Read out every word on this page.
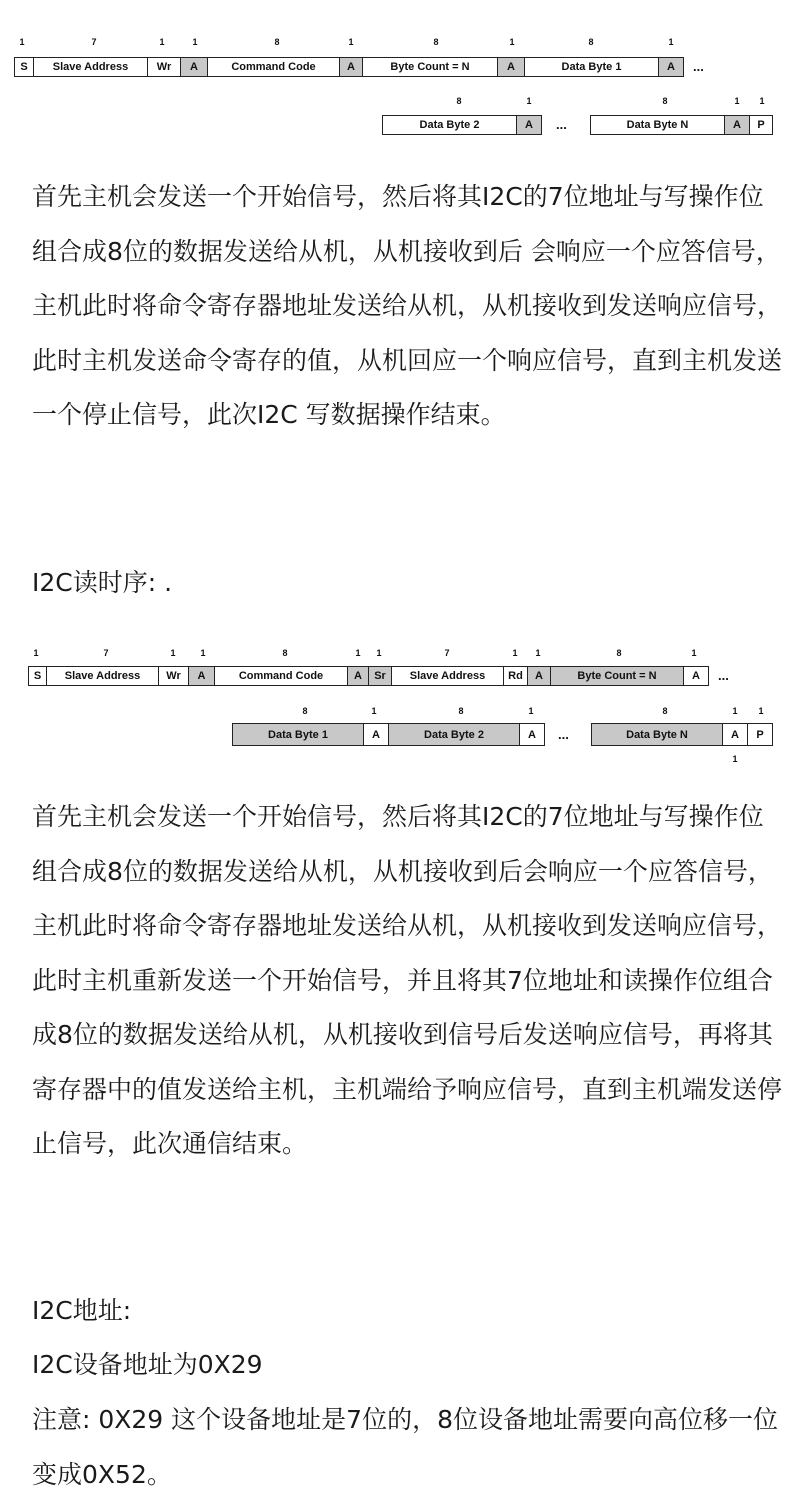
1	7	1	1	8	1	8	1	8	1
S	Slave Address	Wr	A	Command Code	A	Byte Count = N	A	Data Byte 1	A	...
8	1	8	1 1
Data Byte 2	A	...	Data Byte N	A	P

首先主机会发送一个开始信号，然后将其I2C的7位地址与写操作位组合成8位的数据发送给从机，从机接收到后 会响应一个应答信号，主机此时将命令寄存器地址发送给从机，从机接收到发送响应信号，此时主机发送命令寄存的值，从机回应一个响应信号，直到主机发送一个停止信号，此次I2C 写数据操作结束。

I2C读时序: .
1	7	1	1	8	1 1	7	1 1	8	1
S	Slave Address	Wr	A	Command Code	A	Sr	Slave Address	Rd	A	Byte Count = N	A	...
8	1	8	1	8	1 1
Data Byte 1	A	Data Byte 2	A	...	Data Byte N	A	P
1

首先主机会发送一个开始信号，然后将其I2C的7位地址与写操作位组合成8位的数据发送给从机，从机接收到后会响应一个应答信号，主机此时将命令寄存器地址发送给从机，从机接收到发送响应信号， 此时主机重新发送一个开始信号，并且将其7位地址和读操作位组合成8位的数据发送给从机，从机接收到信号后发送响应信号，再将其寄存器中的值发送给主机，主机端给予响应信号，直到主机端发送停止信号，此次通信结束。

I2C地址:
I2C设备地址为0X29

注意: 0X29 这个设备地址是7位的，8位设备地址需要向高位移一位变成0X52。
